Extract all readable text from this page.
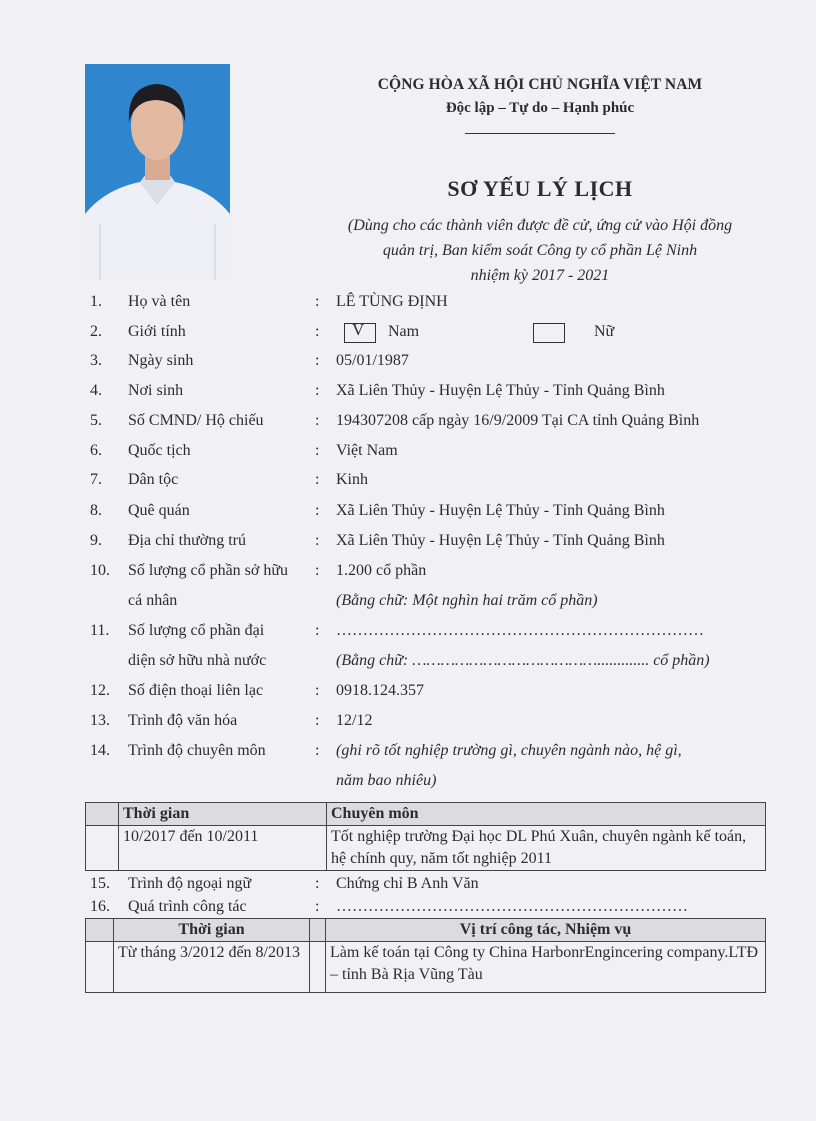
CỘNG HÒA XÃ HỘI CHỦ NGHĨA VIỆT NAM
Độc lập – Tự do – Hạnh phúc
SƠ YẾU LÝ LỊCH
(Dùng cho các thành viên được đề cử, ứng cử vào Hội đồng
quản trị, Ban kiểm soát Công ty cổ phần Lệ Ninh
nhiệm kỳ 2017 - 2021
1.	Họ và tên	: LÊ TÙNG ĐỊNH
2.	Giới tính	: V Nam	Nữ
3.	Ngày sinh	: 05/01/1987
4.	Nơi sinh	: Xã Liên Thủy - Huyện Lệ Thủy - Tỉnh Quảng Bình
5.	Số CMND/ Hộ chiếu	: 194307208 cấp ngày 16/9/2009 Tại CA tỉnh Quảng Bình
6.	Quốc tịch	: Việt Nam
7.	Dân tộc	: Kinh
8.	Quê quán	: Xã Liên Thủy - Huyện Lệ Thủy - Tỉnh Quảng Bình
9.	Địa chỉ thường trú	: Xã Liên Thủy - Huyện Lệ Thủy - Tỉnh Quảng Bình
10.	Số lượng cổ phần sở hữu : 1.200 cổ phần
cá nhân	(Bằng chữ: Một nghìn hai trăm cổ phần)
11.	Số lượng cổ phần đại	: ……………………………………………………………
diện sở hữu nhà nước	(Bằng chữ: …………………………………............. cổ phần)
12.	Số điện thoại liên lạc	: 0918.124.357
13.	Trình độ văn hóa	: 12/12
14.	Trình độ chuyên môn	: (ghi rõ tốt nghiệp trường gì, chuyên ngành nào, hệ gì,
năm bao nhiêu)
	Thời gian	Chuyên môn
	10/2017 đến 10/2011	Tốt nghiệp trường Đại học DL Phú Xuân, chuyên ngành kế toán, hệ chính quy, năm tốt nghiệp 2011
15.	Trình độ ngoại ngữ	: Chứng chỉ B Anh Văn
16.	Quá trình công tác	: …………………………………………………………
	Thời gian		Vị trí công tác, Nhiệm vụ
	Từ tháng 3/2012 đến 8/2013		Làm kế toán tại Công ty China HarbonrEngincering company.LTĐ – tỉnh Bà Rịa Vũng Tàu
